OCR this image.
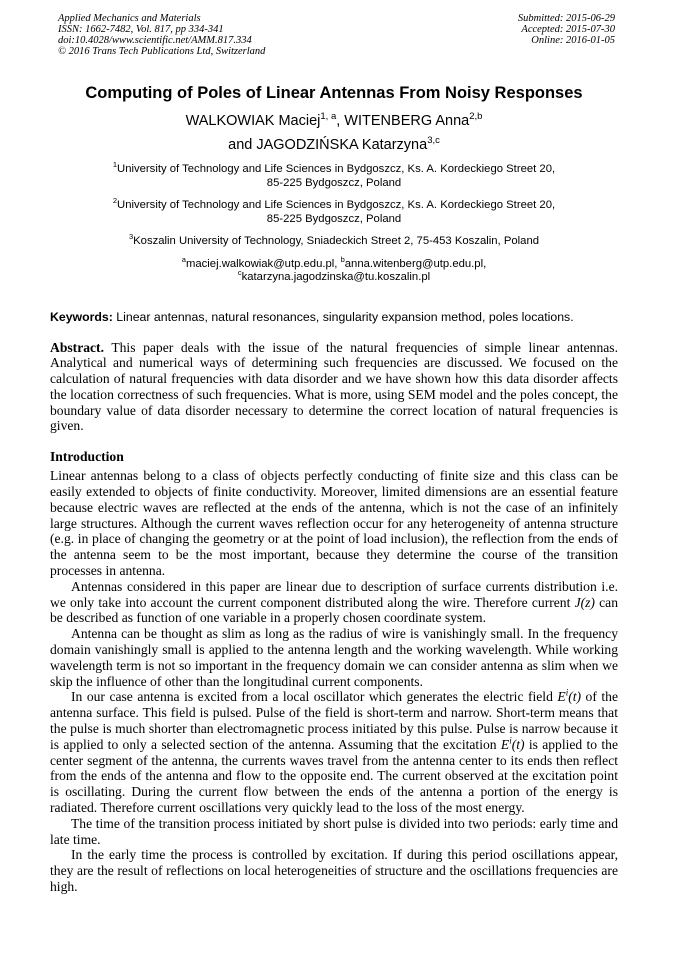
Applied Mechanics and Materials
ISSN: 1662-7482, Vol. 817, pp 334-341
doi:10.4028/www.scientific.net/AMM.817.334
© 2016 Trans Tech Publications Ltd, Switzerland
Submitted: 2015-06-29
Accepted: 2015-07-30
Online: 2016-01-05
Computing of Poles of Linear Antennas From Noisy Responses
WALKOWIAK Maciej$^{1, a}$, WITENBERG Anna$^{2,b}$
and JAGODZIŃSKA Katarzyna$^{3,c}$
$^1$University of Technology and Life Sciences in Bydgoszcz, Ks. A. Kordeckiego Street 20,
85-225 Bydgoszcz, Poland
$^2$University of Technology and Life Sciences in Bydgoszcz, Ks. A. Kordeckiego Street 20,
85-225 Bydgoszcz, Poland
$^3$Koszalin University of Technology, Sniadeckich Street 2, 75-453 Koszalin, Poland
$^a$maciej.walkowiak@utp.edu.pl, $^b$anna.witenberg@utp.edu.pl,
$^c$katarzyna.jagodzinska@tu.koszalin.pl
Keywords: Linear antennas, natural resonances, singularity expansion method, poles locations.
Abstract. This paper deals with the issue of the natural frequencies of simple linear antennas. Analytical and numerical ways of determining such frequencies are discussed. We focused on the calculation of natural frequencies with data disorder and we have shown how this data disorder affects the location correctness of such frequencies. What is more, using SEM model and the poles concept, the boundary value of data disorder necessary to determine the correct location of natural frequencies is given.
Introduction

Linear antennas belong to a class of objects perfectly conducting of finite size and this class can be easily extended to objects of finite conductivity. Moreover, limited dimensions are an essential feature because electric waves are reflected at the ends of the antenna, which is not the case of an infinitely large structures. Although the current waves reflection occur for any heterogeneity of antenna structure (e.g. in place of changing the geometry or at the point of load inclusion), the reflection from the ends of the antenna seem to be the most important, because they determine the course of the transition processes in antenna.

Antennas considered in this paper are linear due to description of surface currents distribution i.e. we only take into account the current component distributed along the wire. Therefore current J(z) can be described as function of one variable in a properly chosen coordinate system.

Antenna can be thought as slim as long as the radius of wire is vanishingly small. In the frequency domain vanishingly small is applied to the antenna length and the working wavelength. While working wavelength term is not so important in the frequency domain we can consider antenna as slim when we skip the influence of other than the longitudinal current components.

In our case antenna is excited from a local oscillator which generates the electric field $E^i(t)$ of the antenna surface. This field is pulsed. Pulse of the field is short-term and narrow. Short-term means that the pulse is much shorter than electromagnetic process initiated by this pulse. Pulse is narrow because it is applied to only a selected section of the antenna. Assuming that the excitation $E^i(t)$ is applied to the center segment of the antenna, the currents waves travel from the antenna center to its ends then reflect from the ends of the antenna and flow to the opposite end. The current observed at the excitation point is oscillating. During the current flow between the ends of the antenna a portion of the energy is radiated. Therefore current oscillations very quickly lead to the loss of the most energy.

The time of the transition process initiated by short pulse is divided into two periods: early time and late time.

In the early time the process is controlled by excitation. If during this period oscillations appear, they are the result of reflections on local heterogeneities of structure and the oscillations frequencies are high.
